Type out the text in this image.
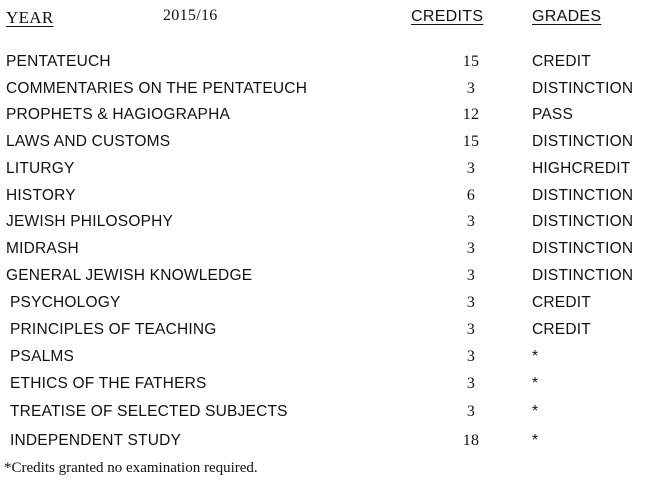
YEAR	2015/16	CREDITS	GRADES
PENTATEUCH	15	CREDIT
COMMENTARIES ON THE PENTATEUCH	3	DISTINCTION
PROPHETS & HAGIOGRAPHA	12	PASS
LAWS AND CUSTOMS	15	DISTINCTION
LITURGY	3	HIGHCREDIT
HISTORY	6	DISTINCTION
JEWISH PHILOSOPHY	3	DISTINCTION
MIDRASH	3	DISTINCTION
GENERAL JEWISH KNOWLEDGE	3	DISTINCTION
PSYCHOLOGY	3	CREDIT
PRINCIPLES OF TEACHING	3	CREDIT
PSALMS	3	*
ETHICS OF THE FATHERS	3	*
TREATISE OF SELECTED SUBJECTS	3	*
INDEPENDENT STUDY	18	*
*Credits granted no examination required.
